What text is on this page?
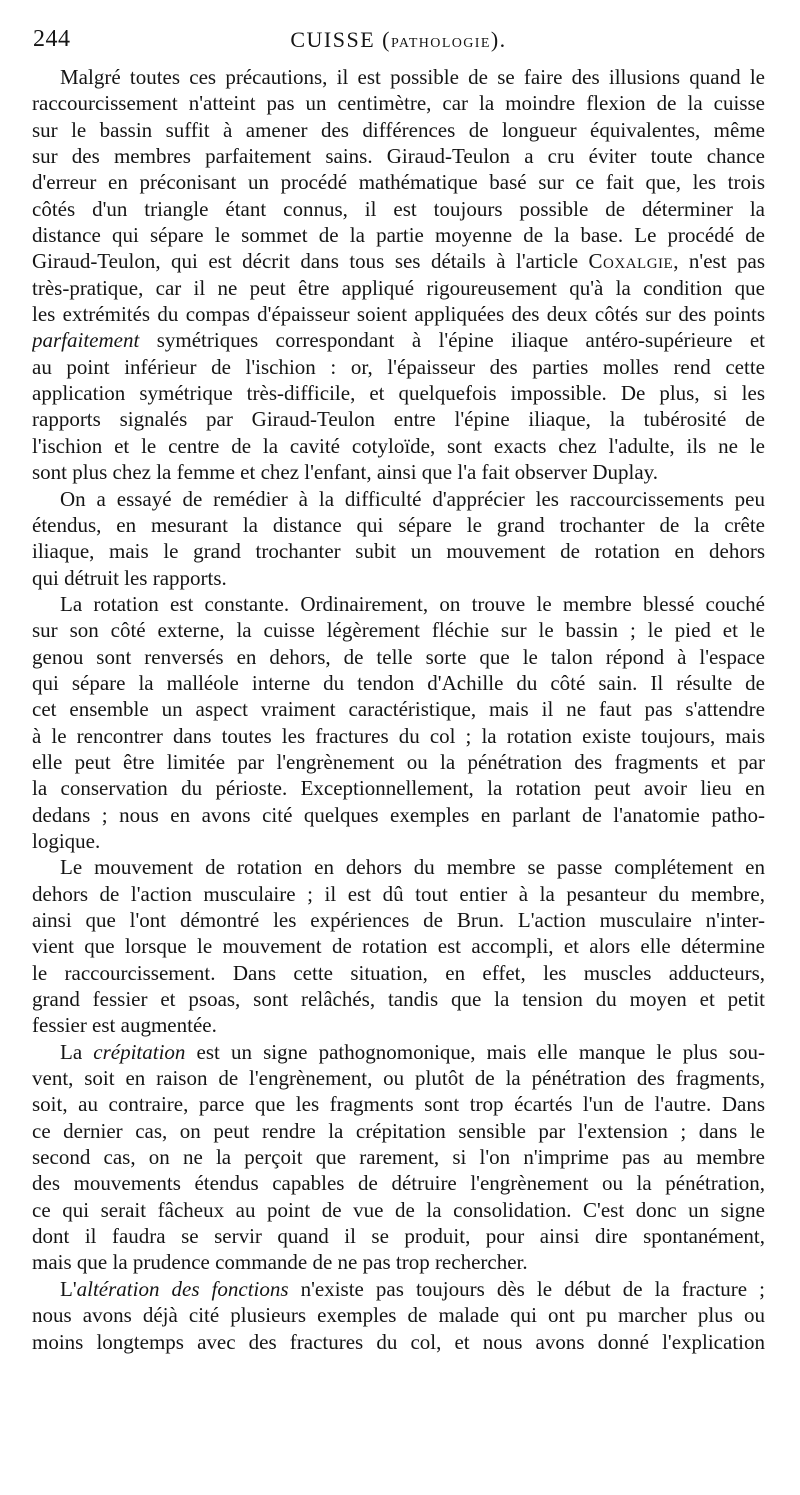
244	CUISSE (PATHOLOGIE).
Malgré toutes ces précautions, il est possible de se faire des illusions quand le
raccourcissement n'atteint pas un centimètre, car la moindre flexion de la cuisse
sur le bassin suffit à amener des différences de longueur équivalentes, même
sur des membres parfaitement sains. Giraud-Teulon a cru éviter toute chance
d'erreur en préconisant un procédé mathématique basé sur ce fait que, les trois
côtés d'un triangle étant connus, il est toujours possible de déterminer la
distance qui sépare le sommet de la partie moyenne de la base. Le procédé de
Giraud-Teulon, qui est décrit dans tous ses détails à l'article Coxalgie, n'est pas
très-pratique, car il ne peut être appliqué rigoureusement qu'à la condition que
les extrémités du compas d'épaisseur soient appliquées des deux côtés sur des points
parfaitement symétriques correspondant à l'épine iliaque antéro-supérieure et
au point inférieur de l'ischion : or, l'épaisseur des parties molles rend cette
application symétrique très-difficile, et quelquefois impossible. De plus, si les
rapports signalés par Giraud-Teulon entre l'épine iliaque, la tubérosité de
l'ischion et le centre de la cavité cotyloïde, sont exacts chez l'adulte, ils ne le
sont plus chez la femme et chez l'enfant, ainsi que l'a fait observer Duplay.
On a essayé de remédier à la difficulté d'apprécier les raccourcissements peu
étendus, en mesurant la distance qui sépare le grand trochanter de la crête
iliaque, mais le grand trochanter subit un mouvement de rotation en dehors
qui détruit les rapports.
La rotation est constante. Ordinairement, on trouve le membre blessé couché
sur son côté externe, la cuisse légèrement fléchie sur le bassin ; le pied et le
genou sont renversés en dehors, de telle sorte que le talon répond à l'espace
qui sépare la malléole interne du tendon d'Achille du côté sain. Il résulte de
cet ensemble un aspect vraiment caractéristique, mais il ne faut pas s'attendre
à le rencontrer dans toutes les fractures du col ; la rotation existe toujours, mais
elle peut être limitée par l'engrènement ou la pénétration des fragments et par
la conservation du périoste. Exceptionnellement, la rotation peut avoir lieu en
dedans ; nous en avons cité quelques exemples en parlant de l'anatomie patho-
logique.
Le mouvement de rotation en dehors du membre se passe complétement en
dehors de l'action musculaire ; il est dû tout entier à la pesanteur du membre,
ainsi que l'ont démontré les expériences de Brun. L'action musculaire n'inter-
vient que lorsque le mouvement de rotation est accompli, et alors elle détermine
le raccourcissement. Dans cette situation, en effet, les muscles adducteurs,
grand fessier et psoas, sont relâchés, tandis que la tension du moyen et petit
fessier est augmentée.
La crépitation est un signe pathognomonique, mais elle manque le plus sou-
vent, soit en raison de l'engrènement, ou plutôt de la pénétration des fragments,
soit, au contraire, parce que les fragments sont trop écartés l'un de l'autre. Dans
ce dernier cas, on peut rendre la crépitation sensible par l'extension ; dans le
second cas, on ne la perçoit que rarement, si l'on n'imprime pas au membre
des mouvements étendus capables de détruire l'engrènement ou la pénétration,
ce qui serait fâcheux au point de vue de la consolidation. C'est donc un signe
dont il faudra se servir quand il se produit, pour ainsi dire spontanément,
mais que la prudence commande de ne pas trop rechercher.
L'altération des fonctions n'existe pas toujours dès le début de la fracture ;
nous avons déjà cité plusieurs exemples de malade qui ont pu marcher plus ou
moins longtemps avec des fractures du col, et nous avons donné l'explication
